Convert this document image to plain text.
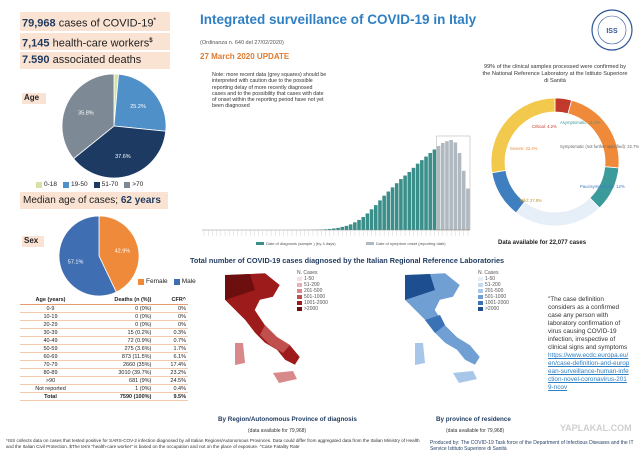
79,968 cases of COVID-19*
7,145 health-care workers$
7.590 associated deaths
Age
25.2%
37.6%
35.8%
0-18 19-50 51-70 >70
Median age of cases; 62 years
Sex
42.9%
57.1%
Female Male
Age (years)	Deaths (n (%))	CFR^
0-9	0 (0%)	0%
10-19	0 (0%)	0%
20-29	0 (0%)	0%
30-39	15 (0.2%)	0.3%
40-49	72 (0.9%)	0.7%
50-59	275 (3.6%)	1.7%
60-69	873 (11.5%)	6.1%
70-79	2660 (35%)	17.4%
80-89	3010 (39.7%)	23.2%
>90	681 (9%)	24.5%
Not reported	1 (0%)	0.4%
Total	7590 (100%)	9.5%
*ISS collects data on cases that tested positive for SARS-COV-2 infection diagnosed by all Italian Regions/Autonomous Provinces. Data could differ from aggregated data from the Italian Ministry of Health and the Italian Civil Protection. $The term "health-care worker" is based on the occupation and not on the place of exposure. ^Case Fatality Rate
Integrated surveillance of COVID-19 in Italy
(Ordinanza n. 640 del 27/02/2020)
27 March 2020 UPDATE
ISS
99% of the clinical samples processed were confirmed by the National Reference Laboratory at the Istituto Superiore di Sanità
Note: more recent data (grey squares) should be interpreted with caution due to the possible reporting delay of more recently diagnosed cases and to the possibility that cases with date of onset within the reporting period have not yet been diagnosed
Date of diagnosis (sample ) (by 4 days)	Date of symptom onset (reporting date)
Critical: 4.2%
Severe: 22.4%
Asymptomatic: 11.3%
Symptomatic (not further specified): 22.7%
Paucisymptomatic: 12%
Mild: 27.8%
Data available for 22,077 cases
Total number of COVID-19 cases diagnosed by the Italian Regional Reference Laboratories
N. Cases
1-50
51-200
201-500
501-1000
1001-2000
>2000
By Region/Autonomous Province of diagnosis
(data available for 79,968)
N. Cases
1-50
51-200
201-500
501-1000
1001-2000
>2000
By province of residence
(data available for 79,968)
"The case definition considers as a confirmed case any person with laboratory confirmation of virus causing COVID-19 infection, irrespective of clinical signs and symptoms https://www.ecdc.europa.eu/en/case-definition-and-european-surveillance-human-infection-novel-coronavirus-2019-ncov
Produced by: The COVID-19 Task force of the Department of Infectious Diseases and the IT Service Istituto Superiore di Sanità
YAPLAKAL.COM
